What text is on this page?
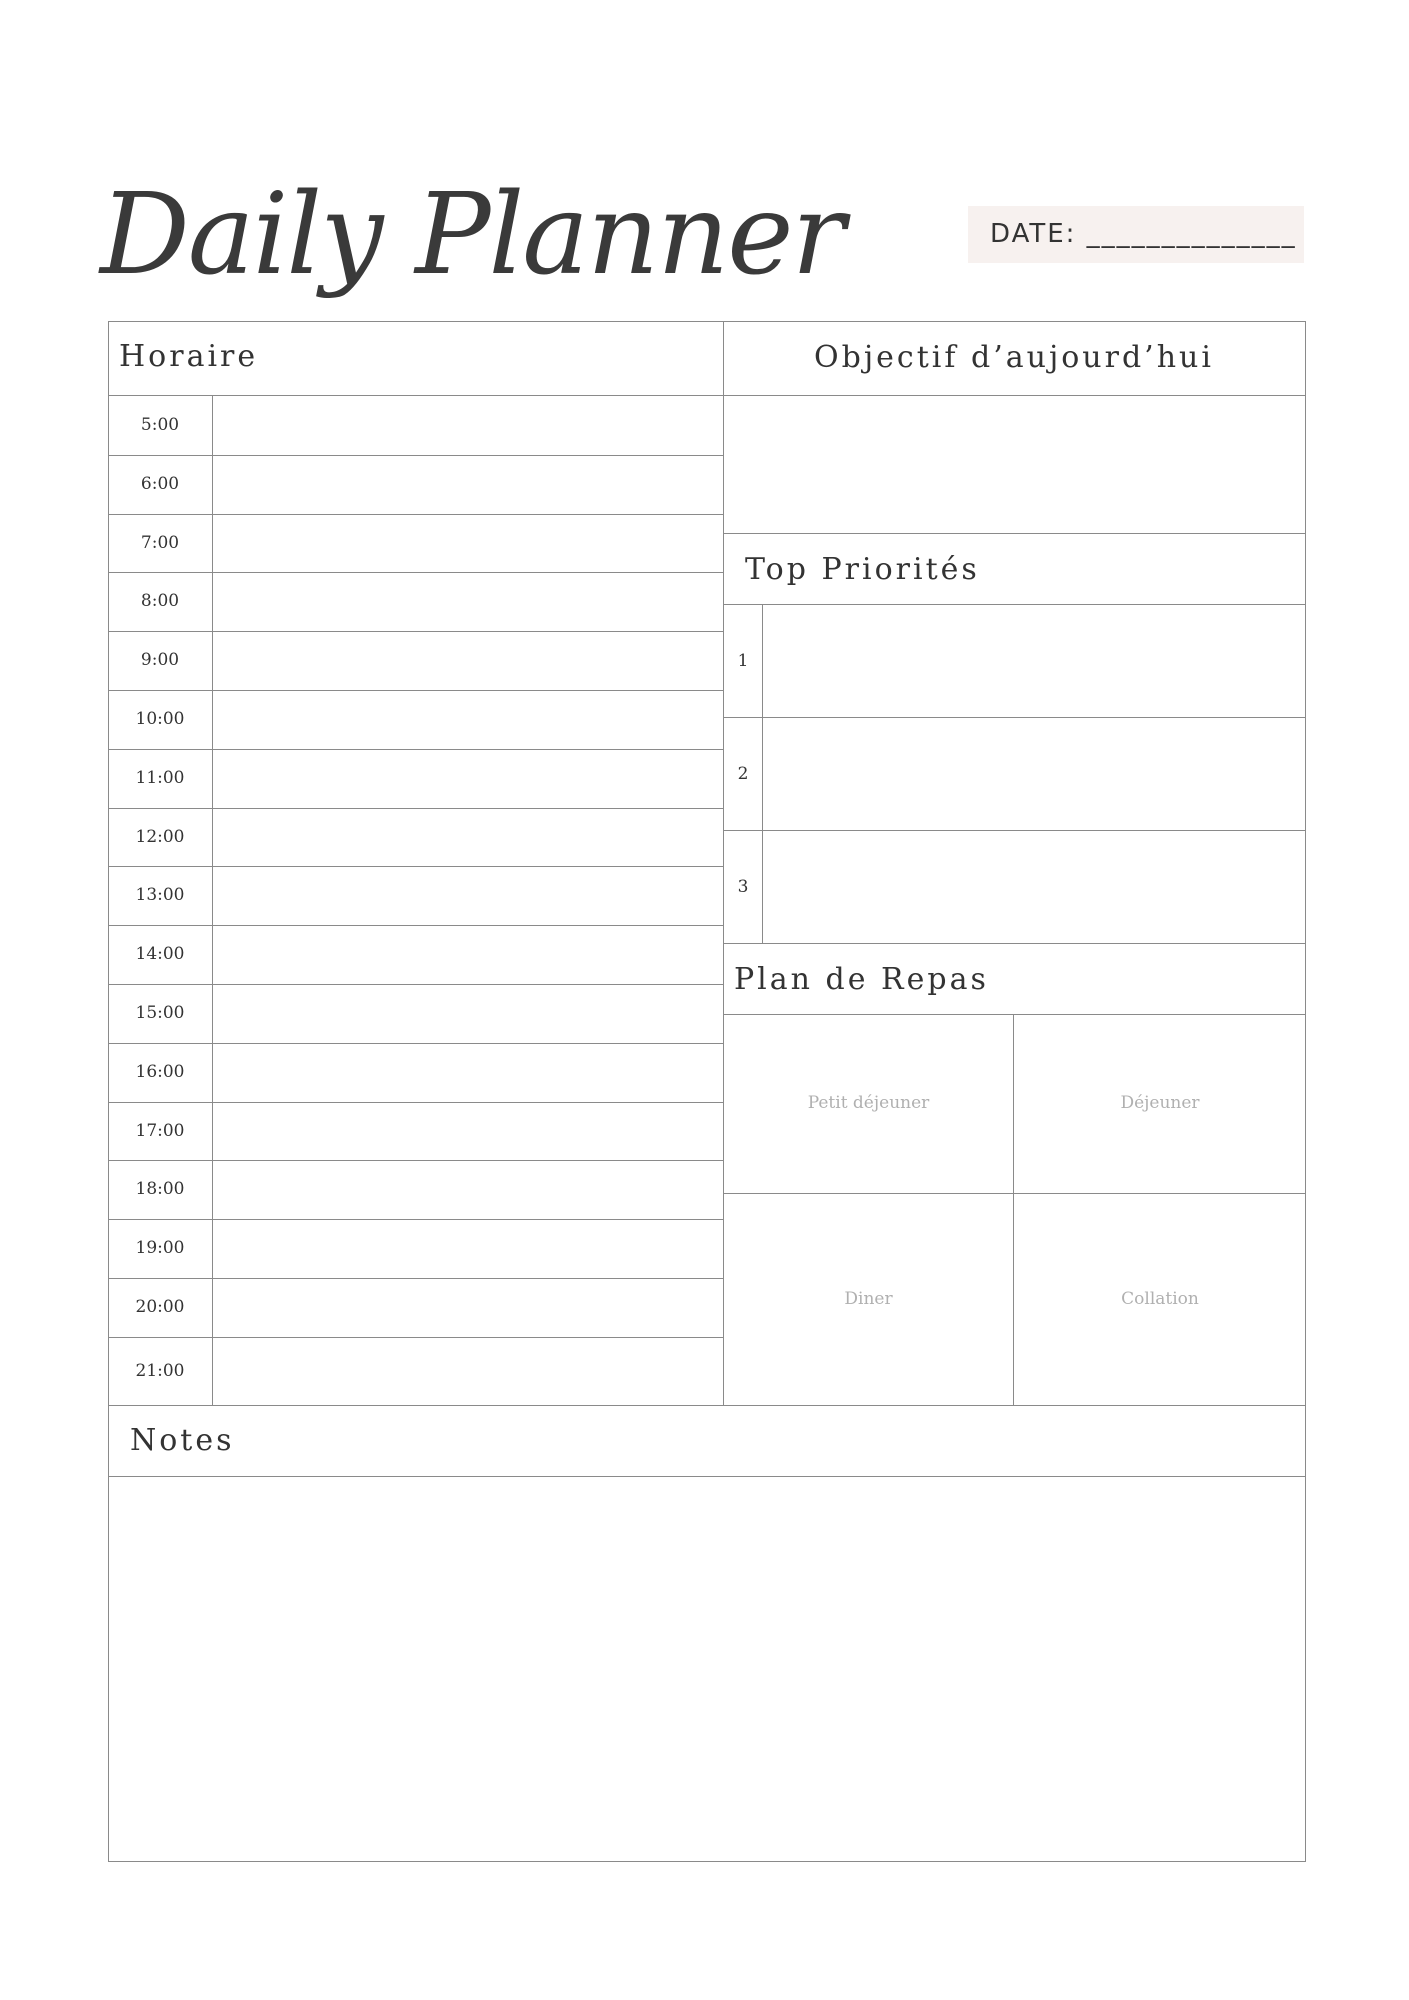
Daily Planner	DATE: ______________
Horaire
5:00
6:00
7:00
8:00
9:00
10:00
11:00
12:00
13:00
14:00
15:00
16:00
17:00
18:00
19:00
20:00
21:00
Objectif d’aujourd’hui
Top Priorités
1
2
3
Plan de Repas
Petit déjeuner	Déjeuner
Diner	Collation
Notes
